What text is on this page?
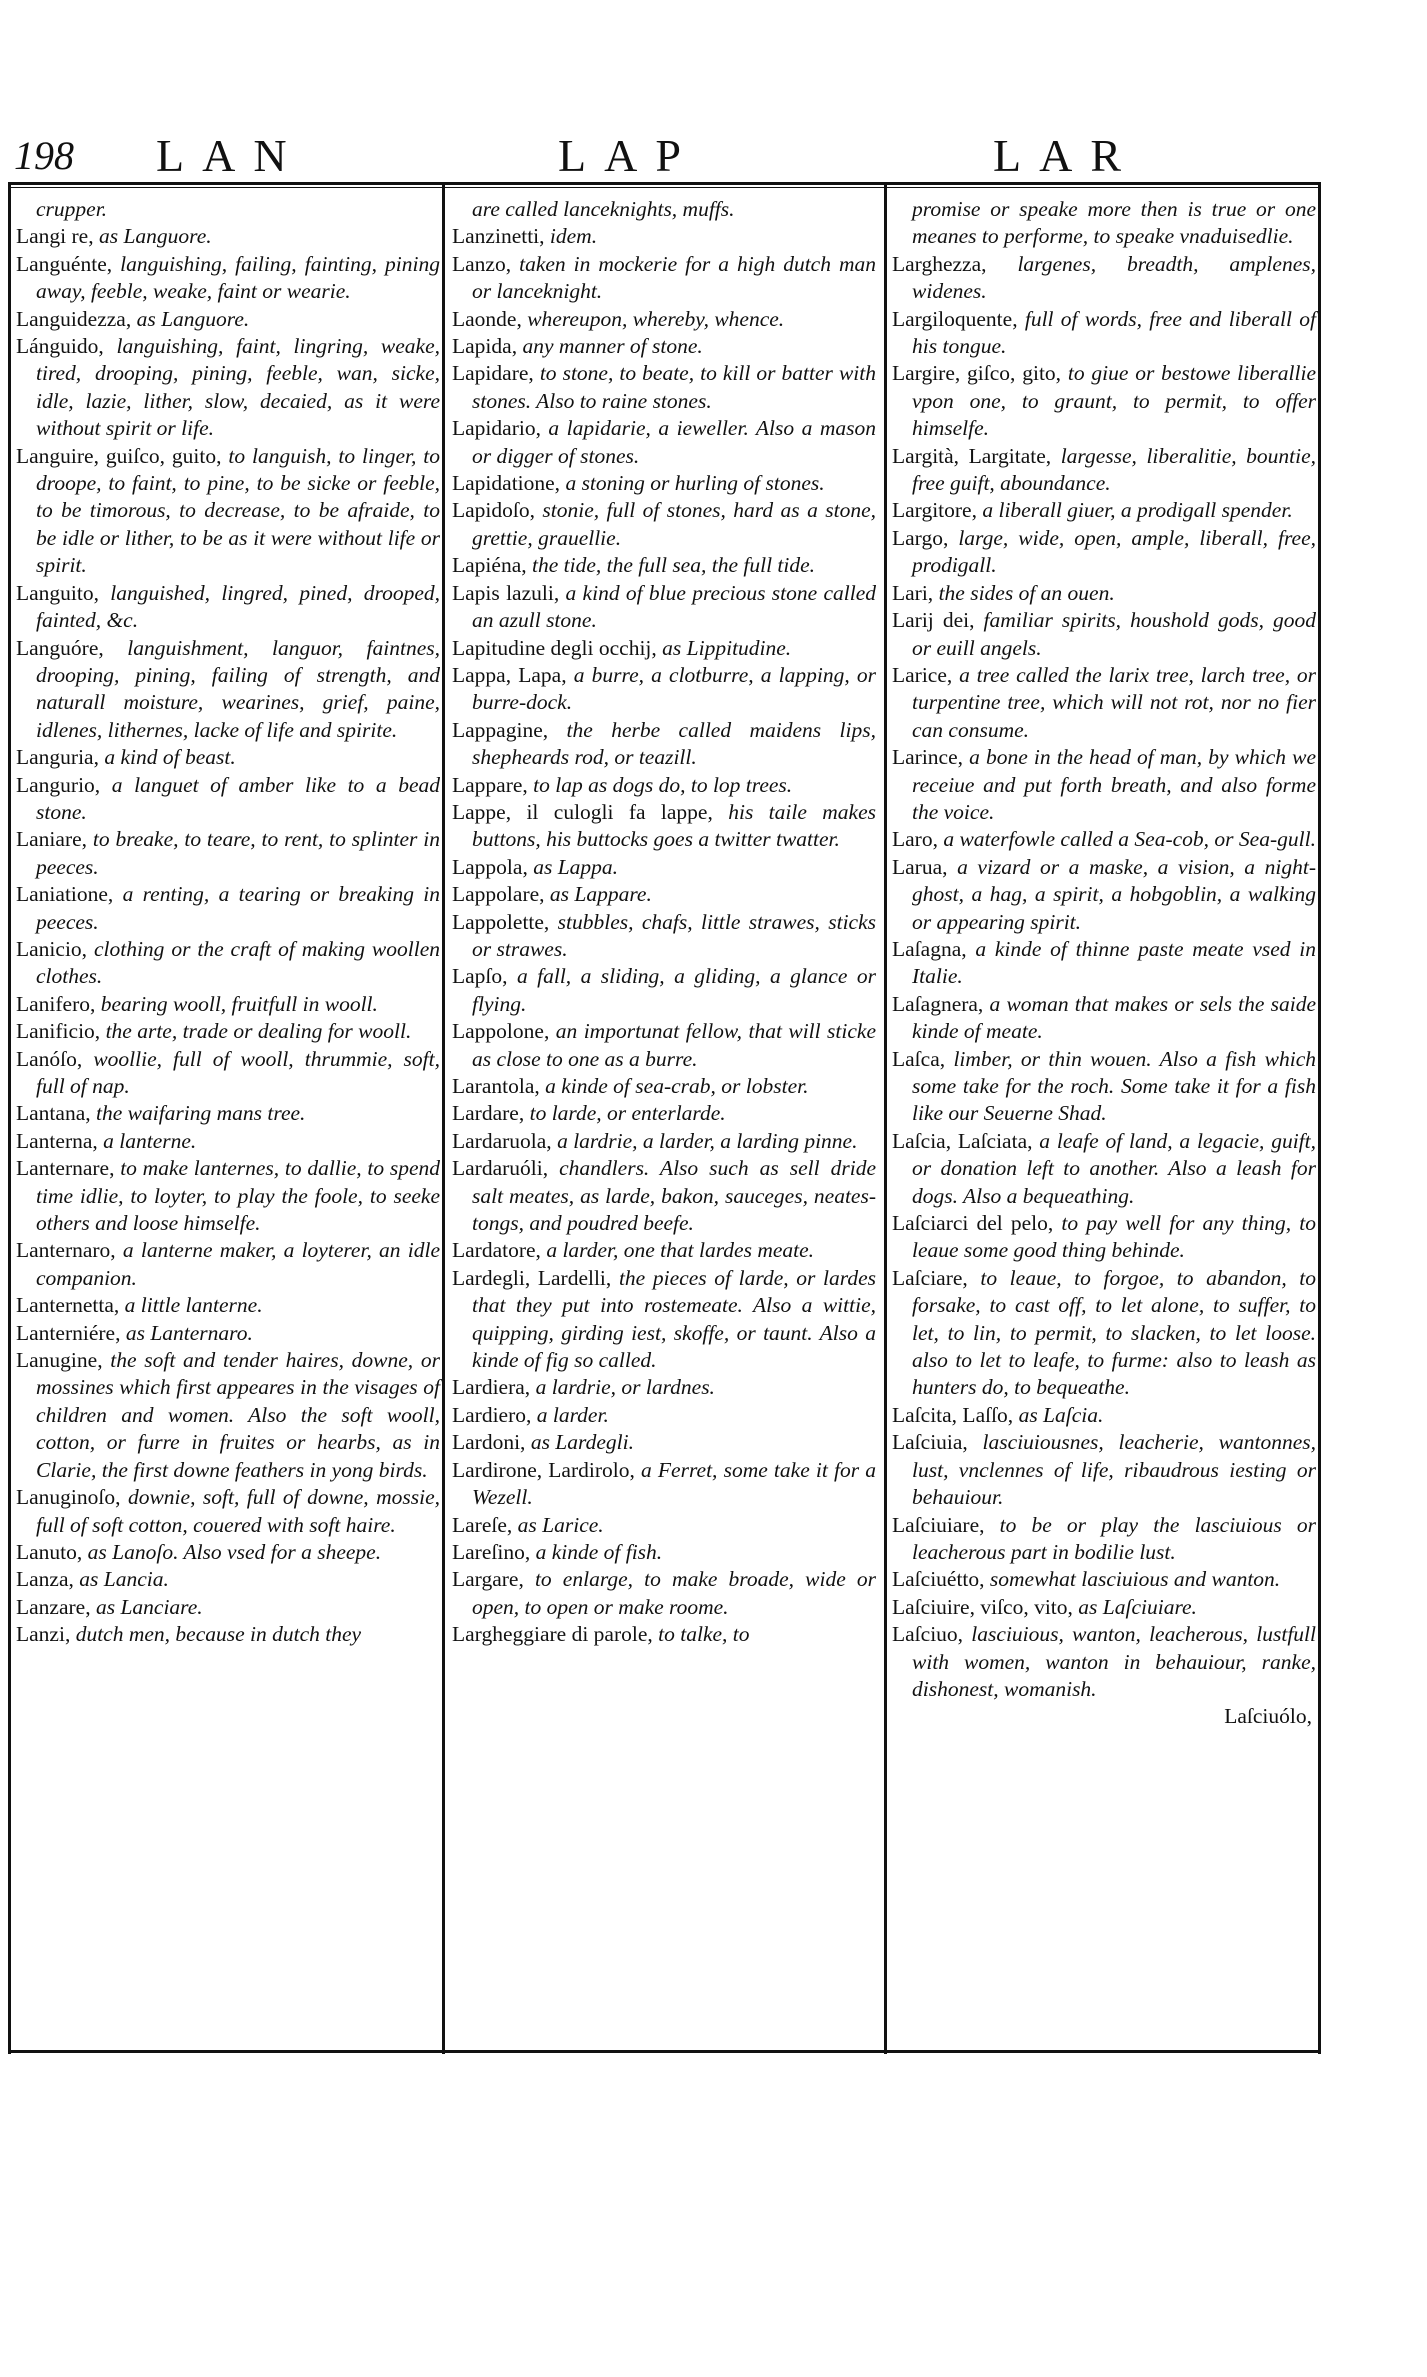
198 LAN	LAP	LAR
crupper.
Langi re, as Languore.
Languénte, languishing, failing, fainting, pining away, feeble, weake, faint or wearie.
Languidezza, as Languore.
Lánguido, languishing, faint, lingring, weake, tired, drooping, pining, feeble, wan, sicke, idle, lazie, lither, slow, decaied, as it were without spirit or life.
Languire, guiſco, guito, to languish, to linger, to droope, to faint, to pine, to be sicke or feeble, to be timorous, to decrease, to be afraide, to be idle or lither, to be as it were without life or spirit.
Languito, languished, lingred, pined, drooped, fainted, &c.
Languóre, languishment, languor, faintnes, drooping, pining, failing of strength, and naturall moisture, wearines, grief, paine, idlenes, lithernes, lacke of life and spirite.
Languria, a kind of beast.
Langurio, a languet of amber like to a bead stone.
Laniare, to breake, to teare, to rent, to splinter in peeces.
Laniatione, a renting, a tearing or breaking in peeces.
Lanicio, clothing or the craft of making woollen clothes.
Lanifero, bearing wooll, fruitfull in wooll.
Lanificio, the arte, trade or dealing for wooll.
Lanóſo, woollie, full of wooll, thrummie, soft, full of nap.
Lantana, the waifaring mans tree.
Lanterna, a lanterne.
Lanternare, to make lanternes, to dallie, to spend time idlie, to loyter, to play the foole, to seeke others and loose himselfe.
Lanternaro, a lanterne maker, a loyterer, an idle companion.
Lanternetta, a little lanterne.
Lanterniére, as Lanternaro.
Lanugine, the soft and tender haires, downe, or mossines which first appeares in the visages of children and women. Also the soft wooll, cotton, or furre in fruites or hearbs, as in Clarie, the first downe feathers in yong birds.
Lanuginoſo, downie, soft, full of downe, mossie, full of soft cotton, couered with soft haire.
Lanuto, as Lanoſo. Also vsed for a sheepe.
Lanza, as Lancia.
Lanzare, as Lanciare.
Lanzi, dutch men, because in dutch they
are called lanceknights, muffs.
Lanzinetti, idem.
Lanzo, taken in mockerie for a high dutch man or lanceknight.
Laonde, whereupon, whereby, whence.
Lapida, any manner of stone.
Lapidare, to stone, to beate, to kill or batter with stones. Also to raine stones.
Lapidario, a lapidarie, a ieweller. Also a mason or digger of stones.
Lapidatione, a stoning or hurling of stones.
Lapidoſo, stonie, full of stones, hard as a stone, grettie, grauellie.
Lapiéna, the tide, the full sea, the full tide.
Lapis lazuli, a kind of blue precious stone called an azull stone.
Lapitudine degli occhij, as Lippitudine.
Lappa, Lapa, a burre, a clotburre, a lapping, or burre-dock.
Lappagine, the herbe called maidens lips, shepheards rod, or teazill.
Lappare, to lap as dogs do, to lop trees.
Lappe, il culogli fa lappe, his taile makes buttons, his buttocks goes a twitter twatter.
Lappola, as Lappa.
Lappolare, as Lappare.
Lappolette, stubbles, chafs, little strawes, sticks or strawes.
Lapſo, a fall, a sliding, a gliding, a glance or flying.
Lappolone, an importunat fellow, that will sticke as close to one as a burre.
Larantola, a kinde of sea-crab, or lobster.
Lardare, to larde, or enterlarde.
Lardaruola, a lardrie, a larder, a larding pinne.
Lardaruóli, chandlers. Also such as sell dride salt meates, as larde, bakon, sauceges, neates-tongs, and poudred beefe.
Lardatore, a larder, one that lardes meate.
Lardegli, Lardelli, the pieces of larde, or lardes that they put into rostemeate. Also a wittie, quipping, girding iest, skoffe, or taunt. Also a kinde of fig so called.
Lardiera, a lardrie, or lardnes.
Lardiero, a larder.
Lardoni, as Lardegli.
Lardirone, Lardirolo, a Ferret, some take it for a Wezell.
Lareſe, as Larice.
Lareſino, a kinde of fish.
Largare, to enlarge, to make broade, wide or open, to open or make roome.
Largheggiare di parole, to talke, to
promise or speake more then is true or one meanes to performe, to speake vnaduisedlie.
Larghezza, largenes, breadth, amplenes, widenes.
Largiloquente, full of words, free and liberall of his tongue.
Largire, giſco, gito, to giue or bestowe liberallie vpon one, to graunt, to permit, to offer himselfe.
Largità, Largitate, largesse, liberalitie, bountie, free guift, aboundance.
Largitore, a liberall giuer, a prodigall spender.
Largo, large, wide, open, ample, liberall, free, prodigall.
Lari, the sides of an ouen.
Larij dei, familiar spirits, houshold gods, good or euill angels.
Larice, a tree called the larix tree, larch tree, or turpentine tree, which will not rot, nor no fier can consume.
Larince, a bone in the head of man, by which we receiue and put forth breath, and also forme the voice.
Laro, a waterfowle called a Sea-cob, or Sea-gull.
Larua, a vizard or a maske, a vision, a night-ghost, a hag, a spirit, a hobgoblin, a walking or appearing spirit.
Laſagna, a kinde of thinne paste meate vsed in Italie.
Laſagnera, a woman that makes or sels the saide kinde of meate.
Laſca, limber, or thin wouen. Also a fish which some take for the roch. Some take it for a fish like our Seuerne Shad.
Laſcia, Laſciata, a leafe of land, a legacie, guift, or donation left to another. Also a leash for dogs. Also a bequeathing.
Laſciarci del pelo, to pay well for any thing, to leaue some good thing behinde.
Laſciare, to leaue, to forgoe, to abandon, to forsake, to cast off, to let alone, to suffer, to let, to lin, to permit, to slacken, to let loose. also to let to leafe, to furme: also to leash as hunters do, to bequeathe.
Laſcita, Laſſo, as Laſcia.
Laſciuia, lasciuiousnes, leacherie, wantonnes, lust, vnclennes of life, ribaudrous iesting or behauiour.
Laſciuiare, to be or play the lasciuious or leacherous part in bodilie lust.
Laſciuétto, somewhat lasciuious and wanton.
Laſciuire, viſco, vito, as Laſciuiare.
Laſciuo, lasciuious, wanton, leacherous, lustfull with women, wanton in behauiour, ranke, dishonest, womanish.
Laſciuólo,
